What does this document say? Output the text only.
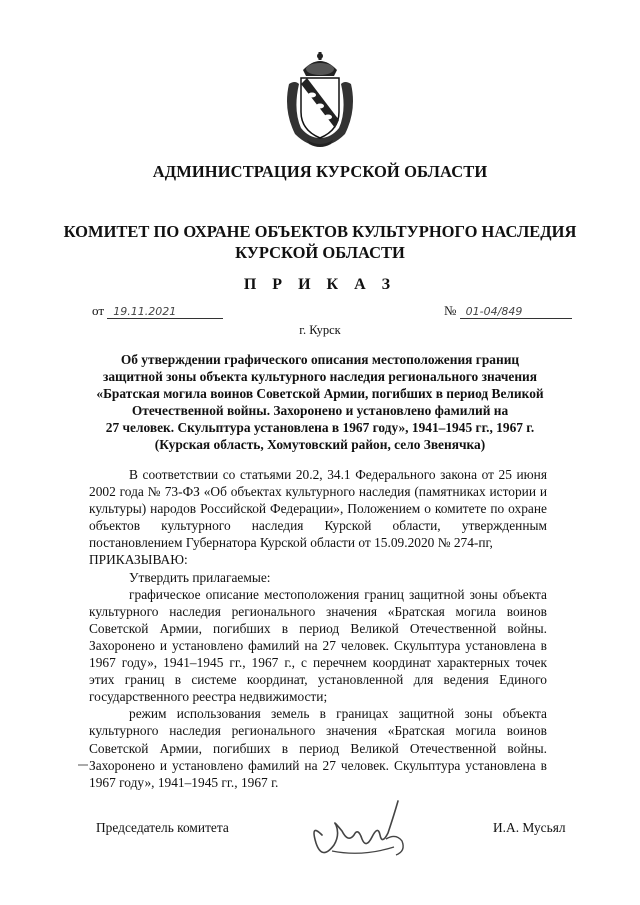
АДМИНИСТРАЦИЯ КУРСКОЙ ОБЛАСТИ
КОМИТЕТ ПО ОХРАНЕ ОБЪЕКТОВ КУЛЬТУРНОГО НАСЛЕДИЯ
КУРСКОЙ ОБЛАСТИ
П Р И К А З
от 19.11.2021	№ 01-04/849
г. Курск
Об утверждении графического описания местоположения границ
защитной зоны объекта культурного наследия регионального значения
«Братская могила воинов Советской Армии, погибших в период Великой
Отечественной войны. Захоронено и установлено фамилий на
27 человек. Скульптура установлена в 1967 году», 1941–1945 гг., 1967 г.
(Курская область, Хомутовский район, село Звенячка)

В соответствии со статьями 20.2, 34.1 Федерального закона от 25 июня 2002 года № 73-ФЗ «Об объектах культурного наследия (памятниках истории и культуры) народов Российской Федерации», Положением о комитете по охране объектов культурного наследия Курской области, утвержденным постановлением Губернатора Курской области от 15.09.2020 № 274-пг,

ПРИКАЗЫВАЮ:

Утвердить прилагаемые:

графическое описание местоположения границ защитной зоны объекта культурного наследия регионального значения «Братская могила воинов Советской Армии, погибших в период Великой Отечественной войны. Захоронено и установлено фамилий на 27 человек. Скульптура установлена в 1967 году», 1941–1945 гг., 1967 г., с перечнем координат характерных точек этих границ в системе координат, установленной для ведения Единого государственного реестра недвижимости;

режим использования земель в границах защитной зоны объекта культурного наследия регионального значения «Братская могила воинов Советской Армии, погибших в период Великой Отечественной войны. Захоронено и установлено фамилий на 27 человек. Скульптура установлена в 1967 году», 1941–1945 гг., 1967 г.

Председатель комитета	И.А. Мусьял
